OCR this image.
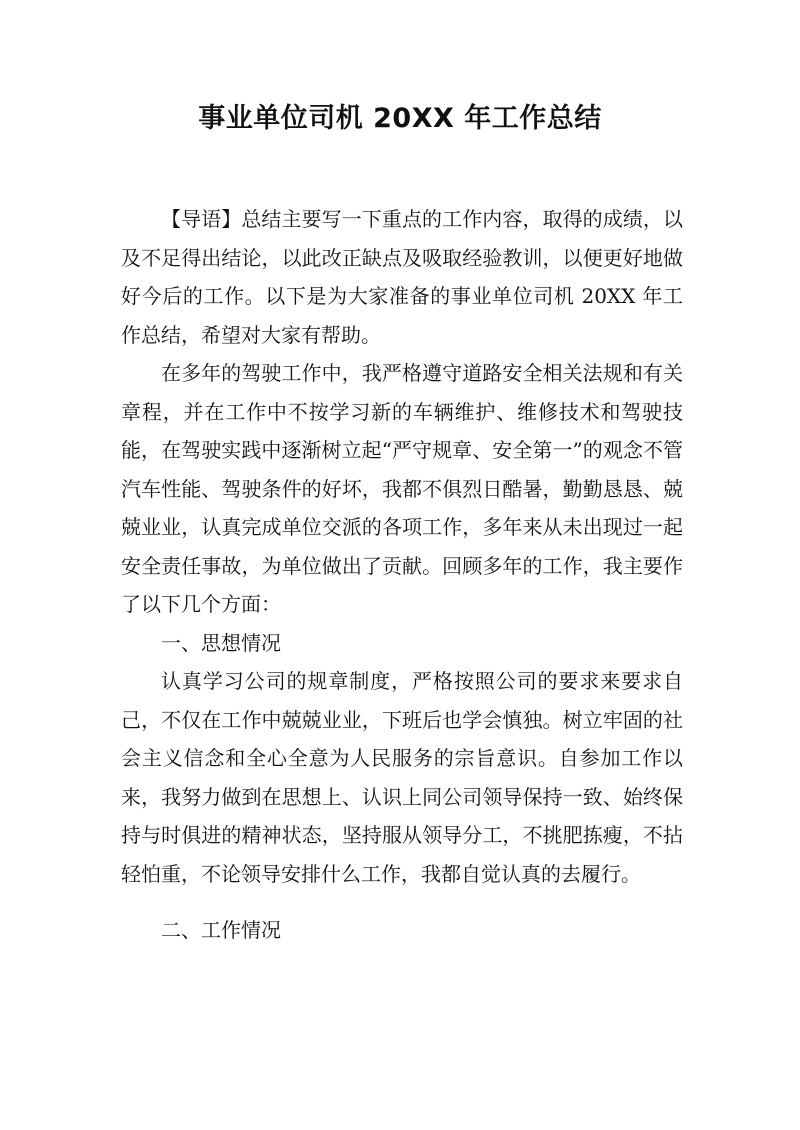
事业单位司机 20XX 年工作总结

【导语】总结主要写一下重点的工作内容，取得的成绩，以及不足得出结论，以此改正缺点及吸取经验教训，以便更好地做好今后的工作。以下是为大家准备的事业单位司机 20XX 年工作总结，希望对大家有帮助。

在多年的驾驶工作中，我严格遵守道路安全相关法规和有关章程，并在工作中不按学习新的车辆维护、维修技术和驾驶技能，在驾驶实践中逐渐树立起“严守规章、安全第一”的观念不管汽车性能、驾驶条件的好坏，我都不俱烈日酷暑，勤勤恳恳、兢兢业业，认真完成单位交派的各项工作，多年来从未出现过一起安全责任事故，为单位做出了贡献。回顾多年的工作，我主要作了以下几个方面：

一、思想情况

认真学习公司的规章制度，严格按照公司的要求来要求自己，不仅在工作中兢兢业业，下班后也学会慎独。树立牢固的社会主义信念和全心全意为人民服务的宗旨意识。自参加工作以来，我努力做到在思想上、认识上同公司领导保持一致、始终保持与时俱进的精神状态，坚持服从领导分工，不挑肥拣瘦，不拈轻怕重，不论领导安排什么工作，我都自觉认真的去履行。

二、工作情况
